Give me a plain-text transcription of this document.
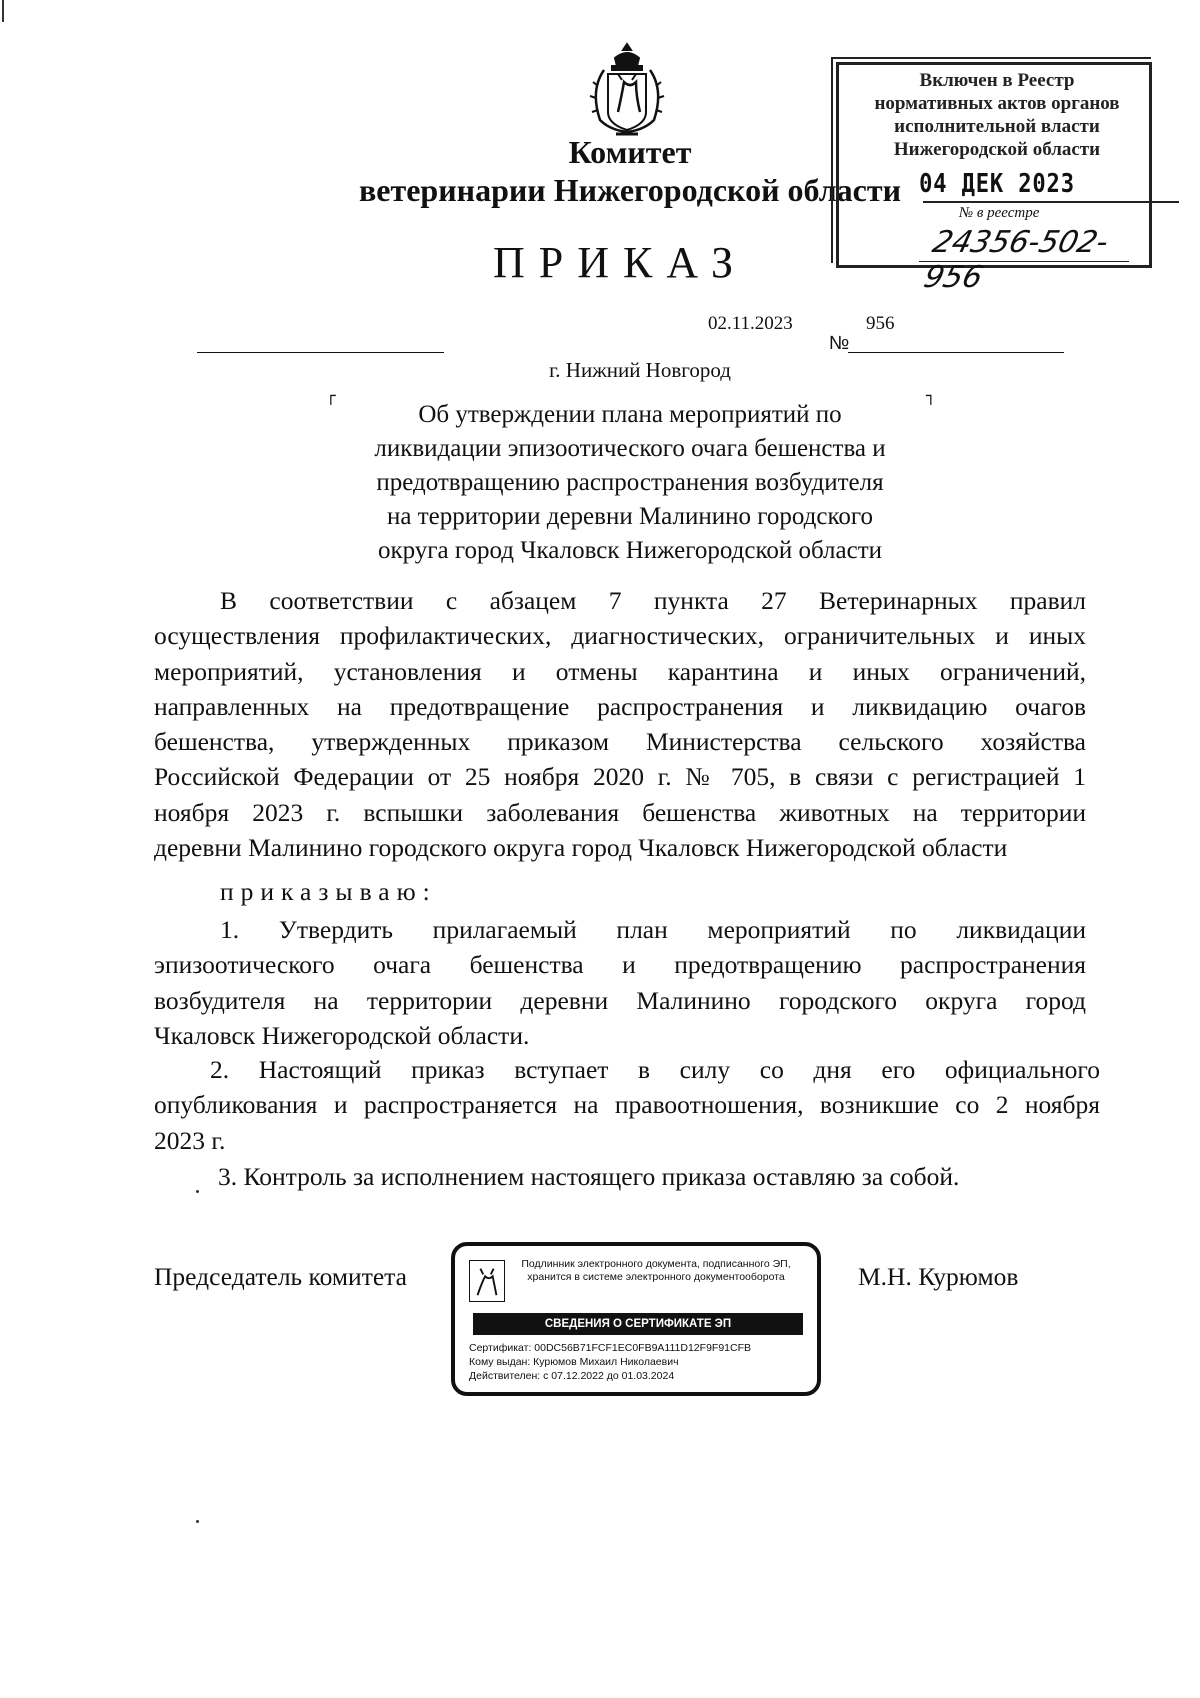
Комитет
ветеринарии Нижегородской области
ПРИКАЗ
Включен в Реестр
нормативных актов органов
исполнительной власти
Нижегородской области
04 ДЕК 2023
№ в реестре
24356-502-956
02.11.2023
№
956
г. Нижний Новгород
┌	┐
Об утверждении плана мероприятий по
ликвидации эпизоотического очага бешенства и
предотвращению распространения возбудителя
на территории деревни Малинино городского
округа город Чкаловск Нижегородской области
В соответствии с абзацем 7 пункта 27 Ветеринарных правил
осуществления профилактических, диагностических, ограничительных и иных
мероприятий, установления и отмены карантина и иных ограничений,
направленных на предотвращение распространения и ликвидацию очагов
бешенства, утвержденных приказом Министерства сельского хозяйства
Российской Федерации от 25 ноября 2020 г. № 705, в связи с регистрацией 1
ноября 2023 г. вспышки заболевания бешенства животных на территории
деревни Малинино городского округа город Чкаловск Нижегородской области
приказываю:
1. Утвердить прилагаемый план мероприятий по ликвидации
эпизоотического очага бешенства и предотвращению распространения
возбудителя на территории деревни Малинино городского округа город
Чкаловск Нижегородской области.
2. Настоящий приказ вступает в силу со дня его официального
опубликования и распространяется на правоотношения, возникшие со 2 ноября
2023 г.
3. Контроль за исполнением настоящего приказа оставляю за собой.
Председатель комитета	М.Н. Курюмов
Подлинник электронного документа, подписанного ЭП,
хранится в системе электронного документооборота
СВЕДЕНИЯ О СЕРТИФИКАТЕ ЭП
Сертификат: 00DC56B71FCF1EC0FB9A111D12F9F91CFB
Кому выдан: Курюмов Михаил Николаевич
Действителен: с 07.12.2022 до 01.03.2024
